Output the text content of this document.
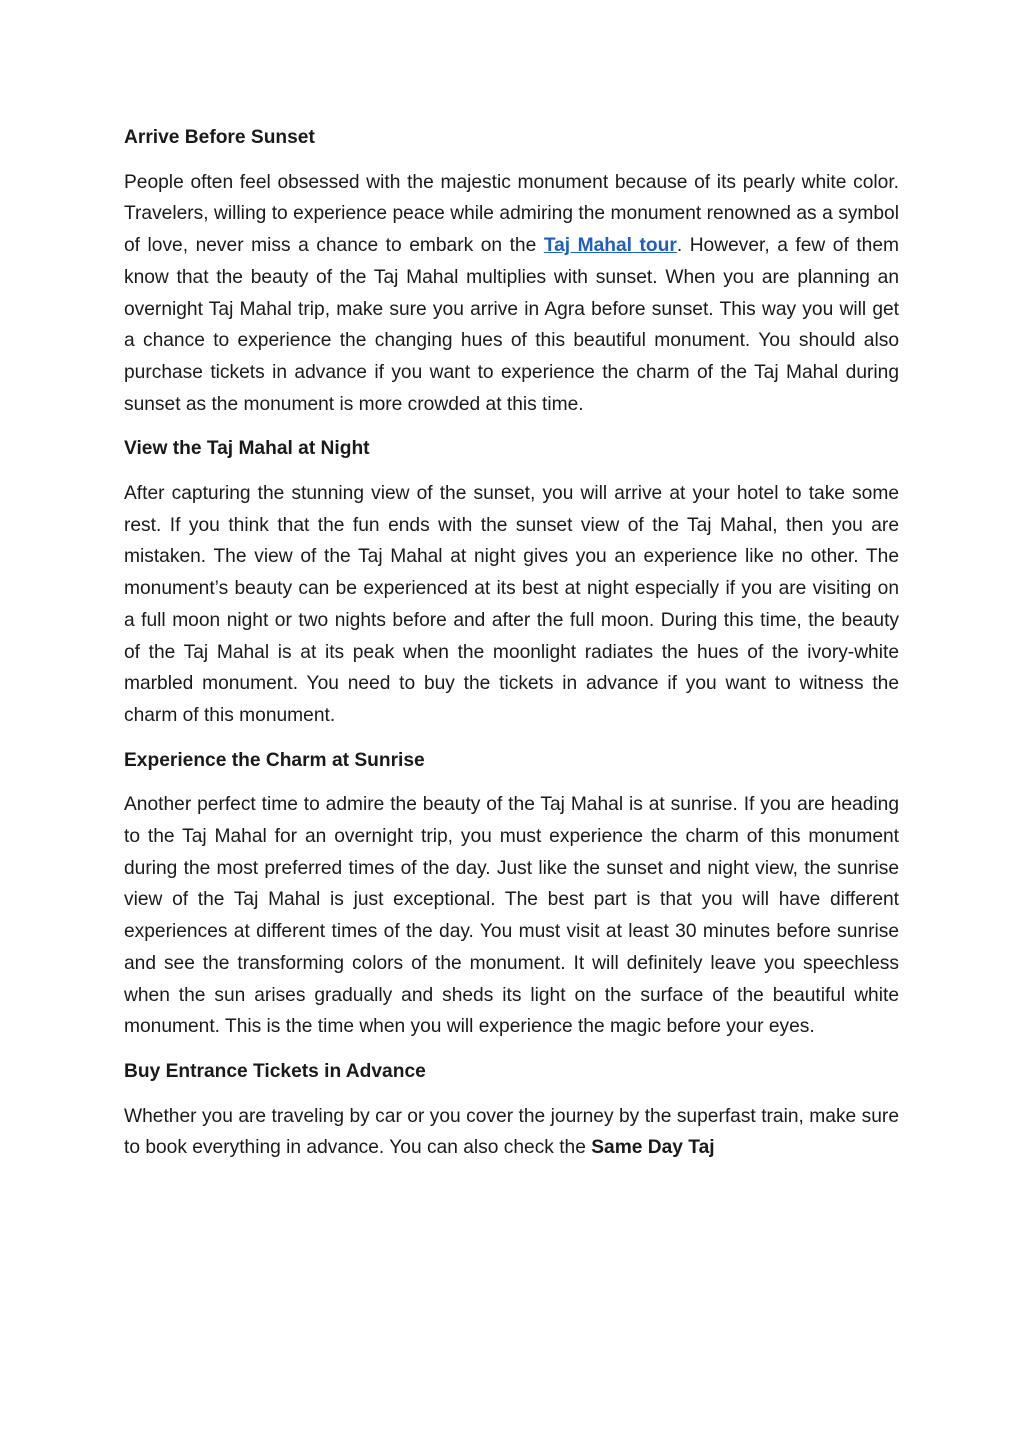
Arrive Before Sunset

People often feel obsessed with the majestic monument because of its pearly white color. Travelers, willing to experience peace while admiring the monument renowned as a symbol of love, never miss a chance to embark on the Taj Mahal tour. However, a few of them know that the beauty of the Taj Mahal multiplies with sunset. When you are planning an overnight Taj Mahal trip, make sure you arrive in Agra before sunset. This way you will get a chance to experience the changing hues of this beautiful monument. You should also purchase tickets in advance if you want to experience the charm of the Taj Mahal during sunset as the monument is more crowded at this time.

View the Taj Mahal at Night

After capturing the stunning view of the sunset, you will arrive at your hotel to take some rest. If you think that the fun ends with the sunset view of the Taj Mahal, then you are mistaken. The view of the Taj Mahal at night gives you an experience like no other. The monument’s beauty can be experienced at its best at night especially if you are visiting on a full moon night or two nights before and after the full moon. During this time, the beauty of the Taj Mahal is at its peak when the moonlight radiates the hues of the ivory-white marbled monument. You need to buy the tickets in advance if you want to witness the charm of this monument.

Experience the Charm at Sunrise

Another perfect time to admire the beauty of the Taj Mahal is at sunrise. If you are heading to the Taj Mahal for an overnight trip, you must experience the charm of this monument during the most preferred times of the day. Just like the sunset and night view, the sunrise view of the Taj Mahal is just exceptional. The best part is that you will have different experiences at different times of the day. You must visit at least 30 minutes before sunrise and see the transforming colors of the monument. It will definitely leave you speechless when the sun arises gradually and sheds its light on the surface of the beautiful white monument. This is the time when you will experience the magic before your eyes.

Buy Entrance Tickets in Advance

Whether you are traveling by car or you cover the journey by the superfast train, make sure to book everything in advance. You can also check the Same Day Taj
